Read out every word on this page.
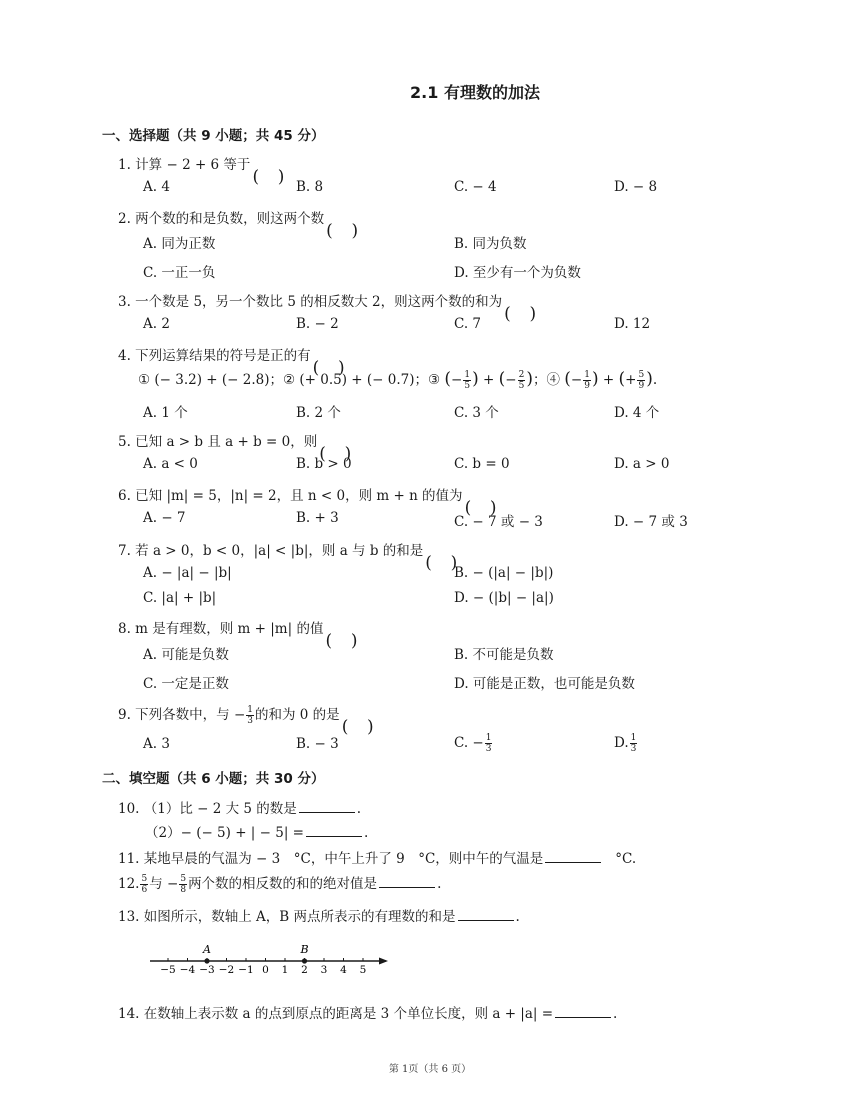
2.1 有理数的加法
一、选择题（共 9 小题；共 45 分）
1. 计算 − 2 + 6 等于
A. 4	B. 8	C. − 4	D. − 8
2. 两个数的和是负数，则这两个数
A. 同为正数	B. 同为负数
C. 一正一负	D. 至少有一个为负数
3. 一个数是 5，另一个数比 5 的相反数大 2，则这两个数的和为
A. 2	B. − 2	C. 7	D. 12
4. 下列运算结果的符号是正的有
① (− 3.2) + (− 2.8)；② (+ 0.5) + (− 0.7)；③ (− $\frac{1}{5}$ ) + (− $\frac{2}{5}$ )；④ (− $\frac{1}{9}$ ) + (+ $\frac{5}{9}$ ).
A. 1 个	B. 2 个	C. 3 个	D. 4 个
5. 已知 a > b 且 a + b = 0，则
A. a < 0	B. b > 0	C. b = 0	D. a > 0
6. 已知 |m| = 5，|n| = 2，且 n < 0，则 m + n 的值为
A. − 7	B. + 3	C. − 7 或 − 3	D. − 7 或 3
7. 若 a > 0，b < 0，|a| < |b|，则 a 与 b 的和是
A. − |a| − |b|	B. − (|a| − |b|)
C. |a| + |b|	D. − (|b| − |a|)
8. m 是有理数，则 m + |m| 的值
A. 可能是负数	B. 不可能是负数
C. 一定是正数	D. 可能是正数，也可能是负数
9. 下列各数中，与 − $\frac{1}{3}$ 的和为 0 的是
A. 3	B. − 3	C. − $\frac{1}{3}$	D. $\frac{1}{3}$
二、填空题（共 6 小题；共 30 分）
10. （1）比 − 2 大 5 的数是	.
（2）− (− 5) + | − 5| =	.
11. 某地早晨的气温为 − 3　°C，中午上升了 9　°C，则中午的气温是	°C.
12. $\frac{5}{6}$ 与 − $\frac{5}{8}$ 两个数的相反数的和的绝对值是	.
13. 如图所示，数轴上 A，B 两点所表示的有理数的和是	.
−5 −4 −3 −2 −1 0 1 2 3 4 5
A	B
14. 在数轴上表示数 a 的点到原点的距离是 3 个单位长度，则 a + |a| =	.
第 1页（共 6 页）
